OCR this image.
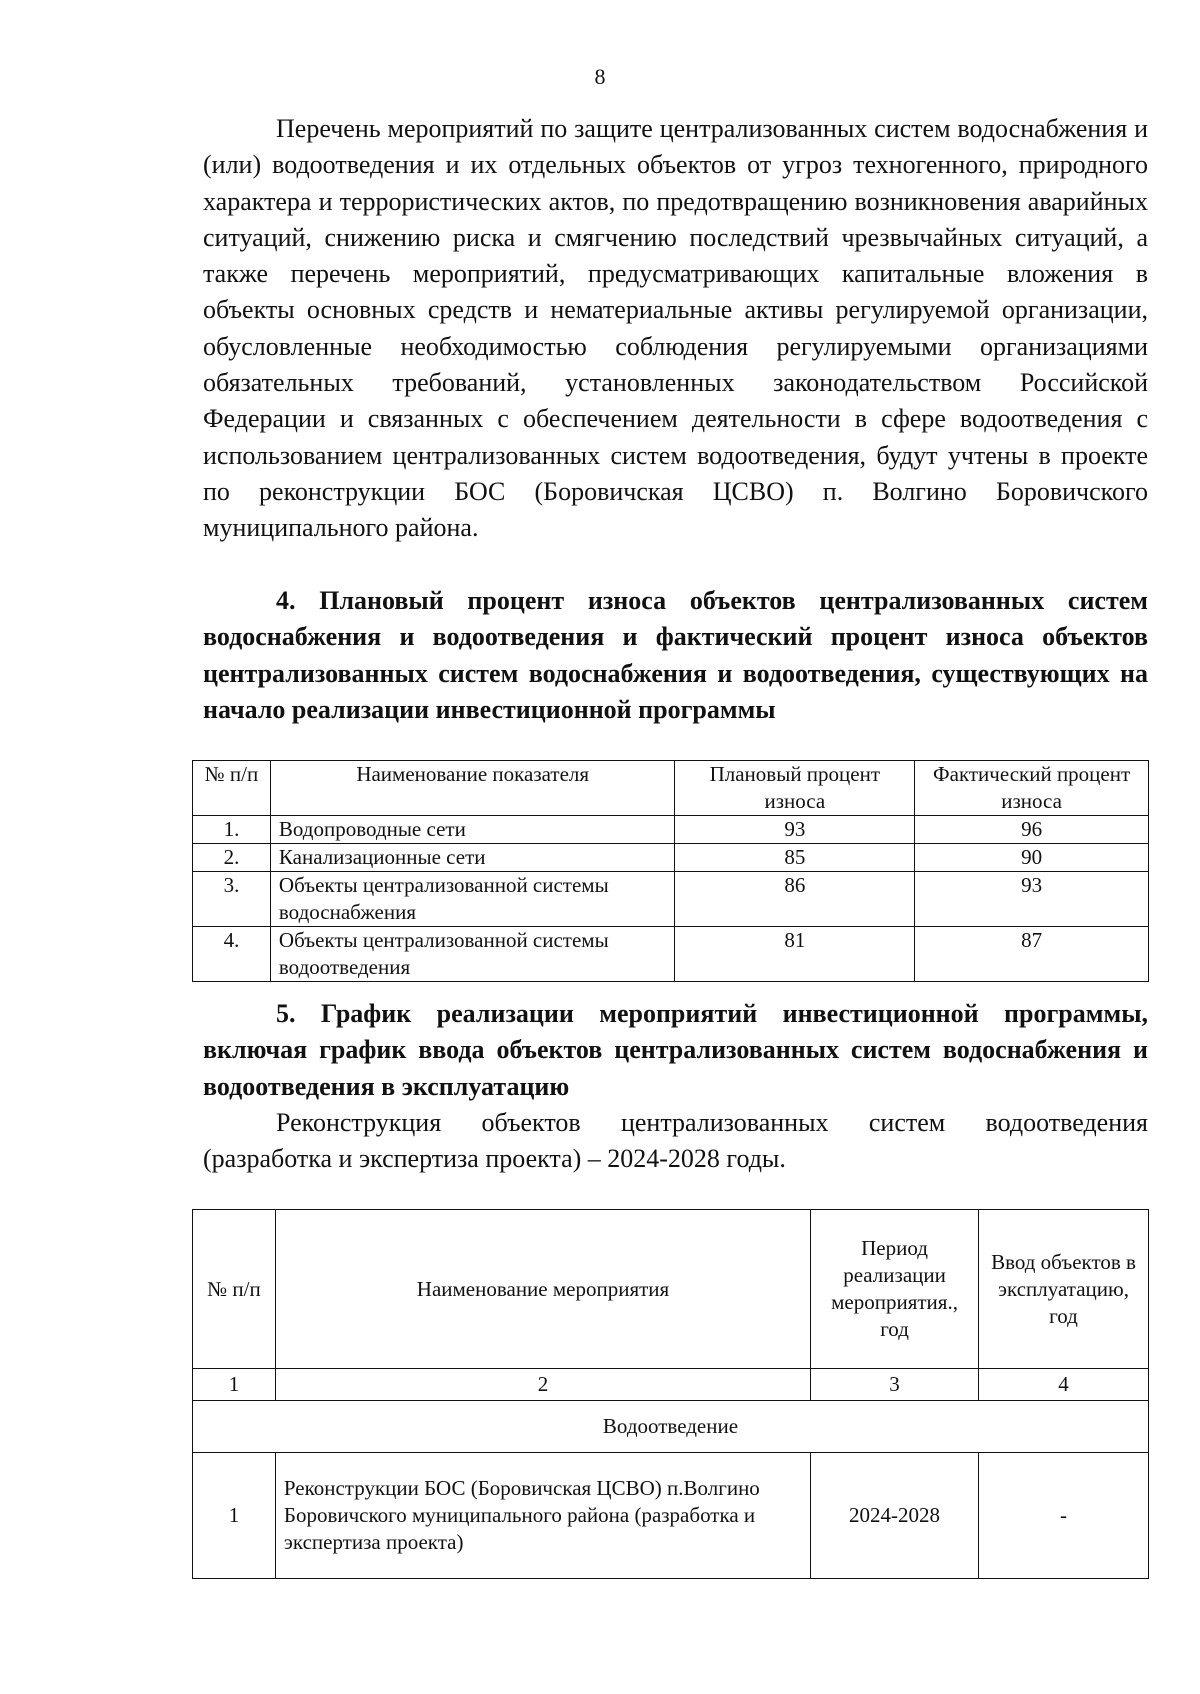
8

Перечень мероприятий по защите централизованных систем водоснабжения и (или) водоотведения и их отдельных объектов от угроз техногенного, природного характера и террористических актов, по предотвращению возникновения аварийных ситуаций, снижению риска и смягчению последствий чрезвычайных ситуаций, а также перечень мероприятий, предусматривающих капитальные вложения в объекты основных средств и нематериальные активы регулируемой организации, обусловленные необходимостью соблюдения регулируемыми организациями обязательных требований, установленных законодательством Российской Федерации и связанных с обеспечением деятельности в сфере водоотведения с использованием централизованных систем водоотведения, будут учтены в проекте по реконструкции БОС (Боровичская ЦСВО) п. Волгино Боровичского муниципального района.

4. Плановый процент износа объектов централизованных систем водоснабжения и водоотведения и фактический процент износа объектов централизованных систем водоснабжения и водоотведения, существующих на начало реализации инвестиционной программы

№ п/п	Наименование показателя	Плановый процент износа	Фактический процент износа
1.	Водопроводные сети	93	96
2.	Канализационные сети	85	90
3.	Объекты централизованной системы водоснабжения	86	93
4.	Объекты централизованной системы водоотведения	81	87

5. График реализации мероприятий инвестиционной программы, включая график ввода объектов централизованных систем водоснабжения и водоотведения в эксплуатацию

Реконструкция объектов централизованных систем водоотведения (разработка и экспертиза проекта) – 2024-2028 годы.

№ п/п	Наименование мероприятия	Период реализации мероприятия., год	Ввод объектов в эксплуатацию, год
1	2	3	4
Водоотведение			
1	Реконструкции БОС (Боровичская ЦСВО) п.Волгино Боровичского муниципального района (разработка и экспертиза проекта)	2024-2028	-
